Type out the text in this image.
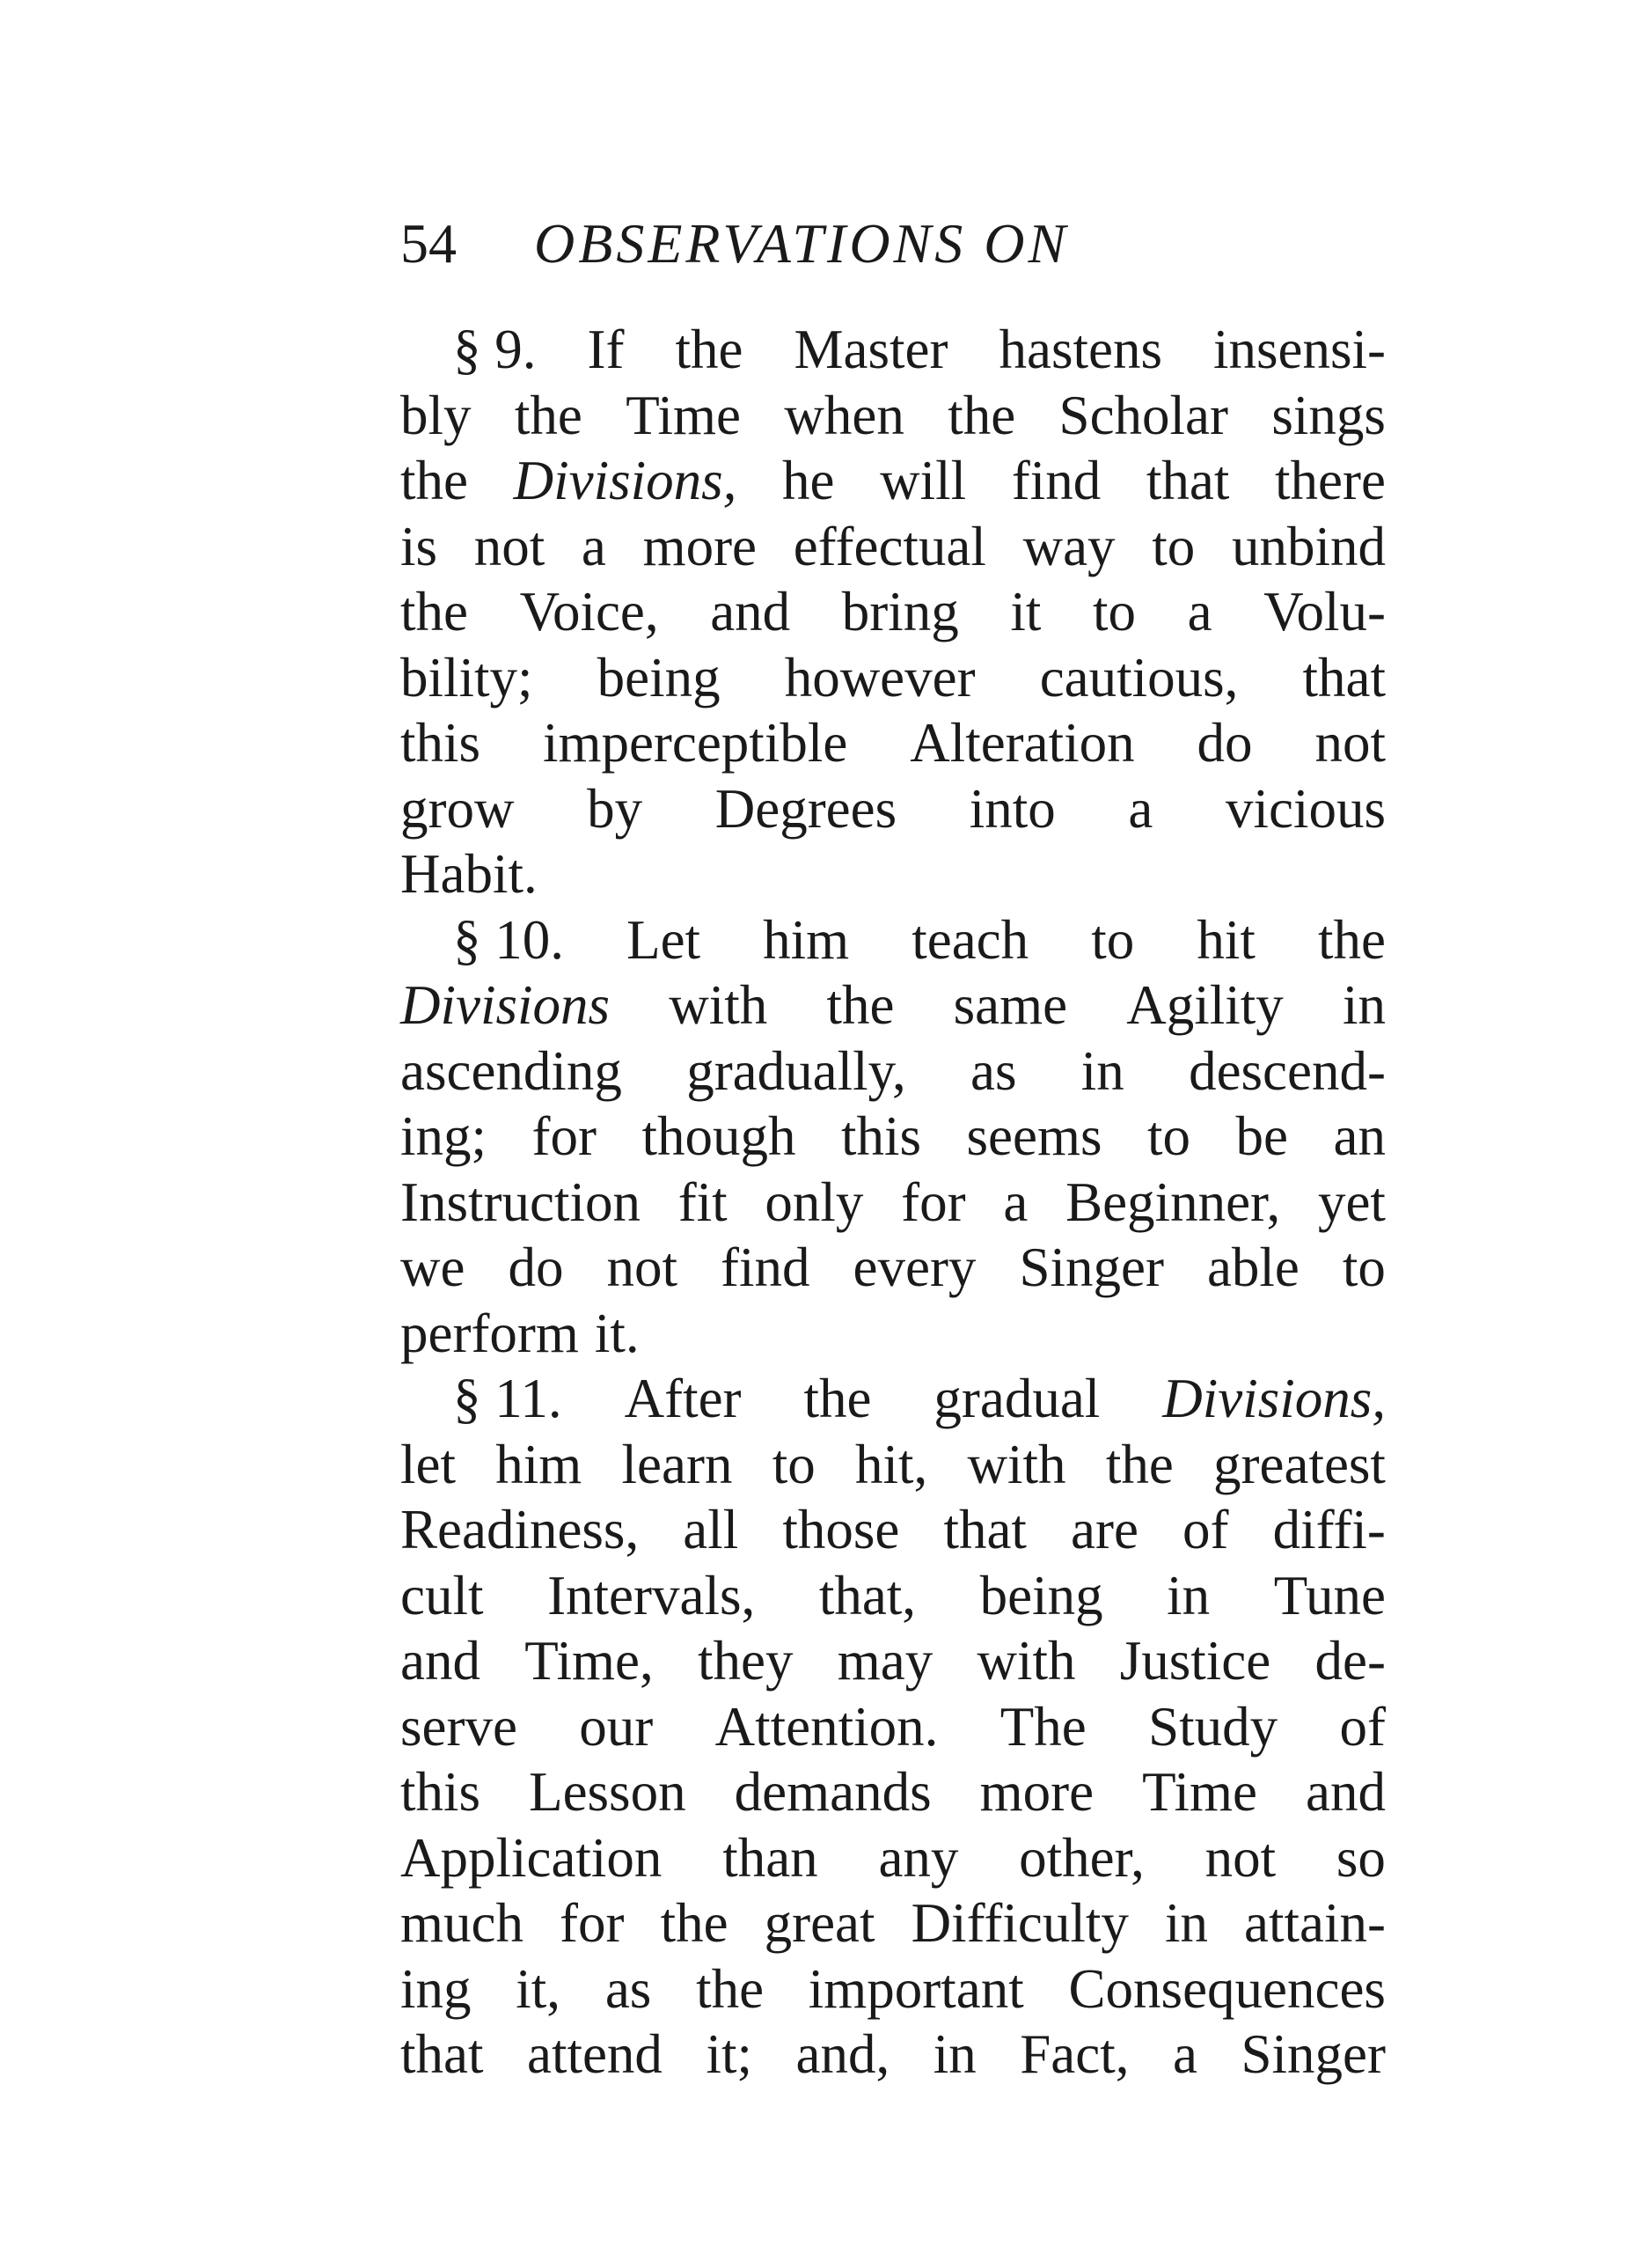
54 OBSERVATIONS ON
§ 9. If the Master hastens insensi-
bly the Time when the Scholar sings
the Divisions, he will find that there
is not a more effectual way to unbind
the Voice, and bring it to a Volu-
bility; being however cautious, that
this imperceptible Alteration do not
grow by Degrees into a vicious
Habit.
§ 10. Let him teach to hit the
Divisions with the same Agility in
ascending gradually, as in descend-
ing; for though this seems to be an
Instruction fit only for a Beginner, yet
we do not find every Singer able to
perform it.
§ 11. After the gradual Divisions,
let him learn to hit, with the greatest
Readiness, all those that are of diffi-
cult Intervals, that, being in Tune
and Time, they may with Justice de-
serve our Attention. The Study of
this Lesson demands more Time and
Application than any other, not so
much for the great Difficulty in attain-
ing it, as the important Consequences
that attend it; and, in Fact, a Singer
